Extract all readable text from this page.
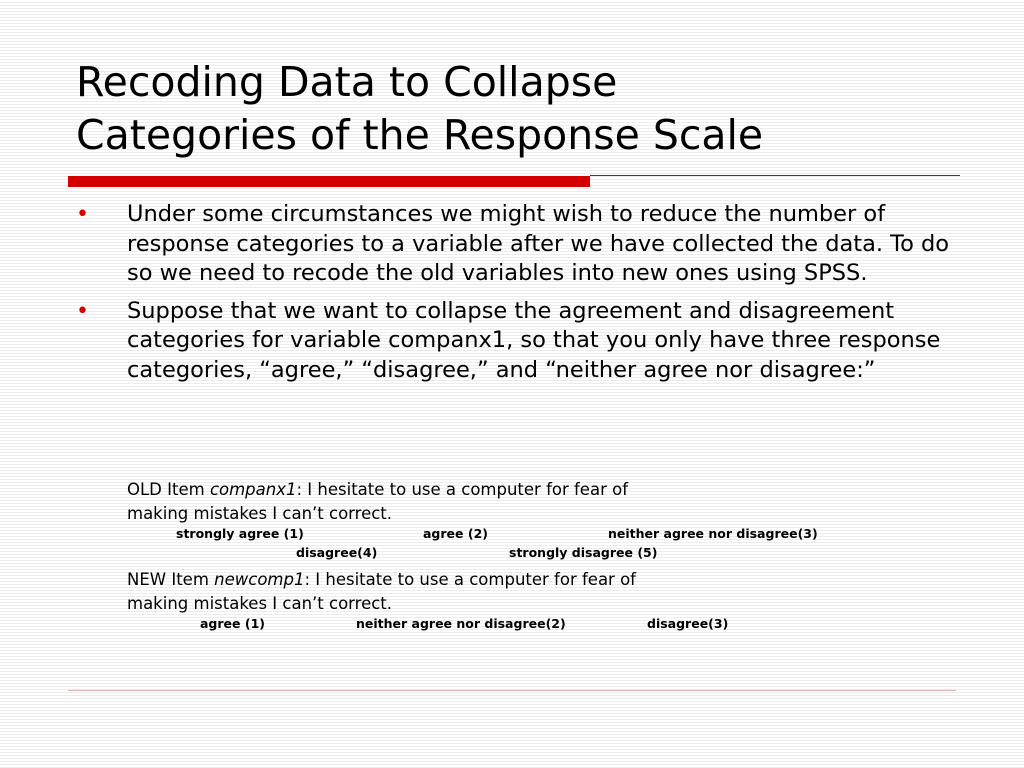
Recoding Data to Collapse
Categories of the Response Scale
• Under some circumstances we might wish to reduce the number of response categories to a variable after we have collected the data. To do so we need to recode the old variables into new ones using SPSS.
• Suppose that we want to collapse the agreement and disagreement categories for variable companx1, so that you only have three response categories, “agree,” “disagree,” and “neither agree nor disagree:”
OLD Item companx1: I hesitate to use a computer for fear of
making mistakes I can’t correct.
strongly agree (1)	agree (2)	neither agree nor disagree(3)
disagree(4)	strongly disagree (5)
NEW Item newcomp1: I hesitate to use a computer for fear of
making mistakes I can’t correct.
agree (1)	neither agree nor disagree(2)	disagree(3)
